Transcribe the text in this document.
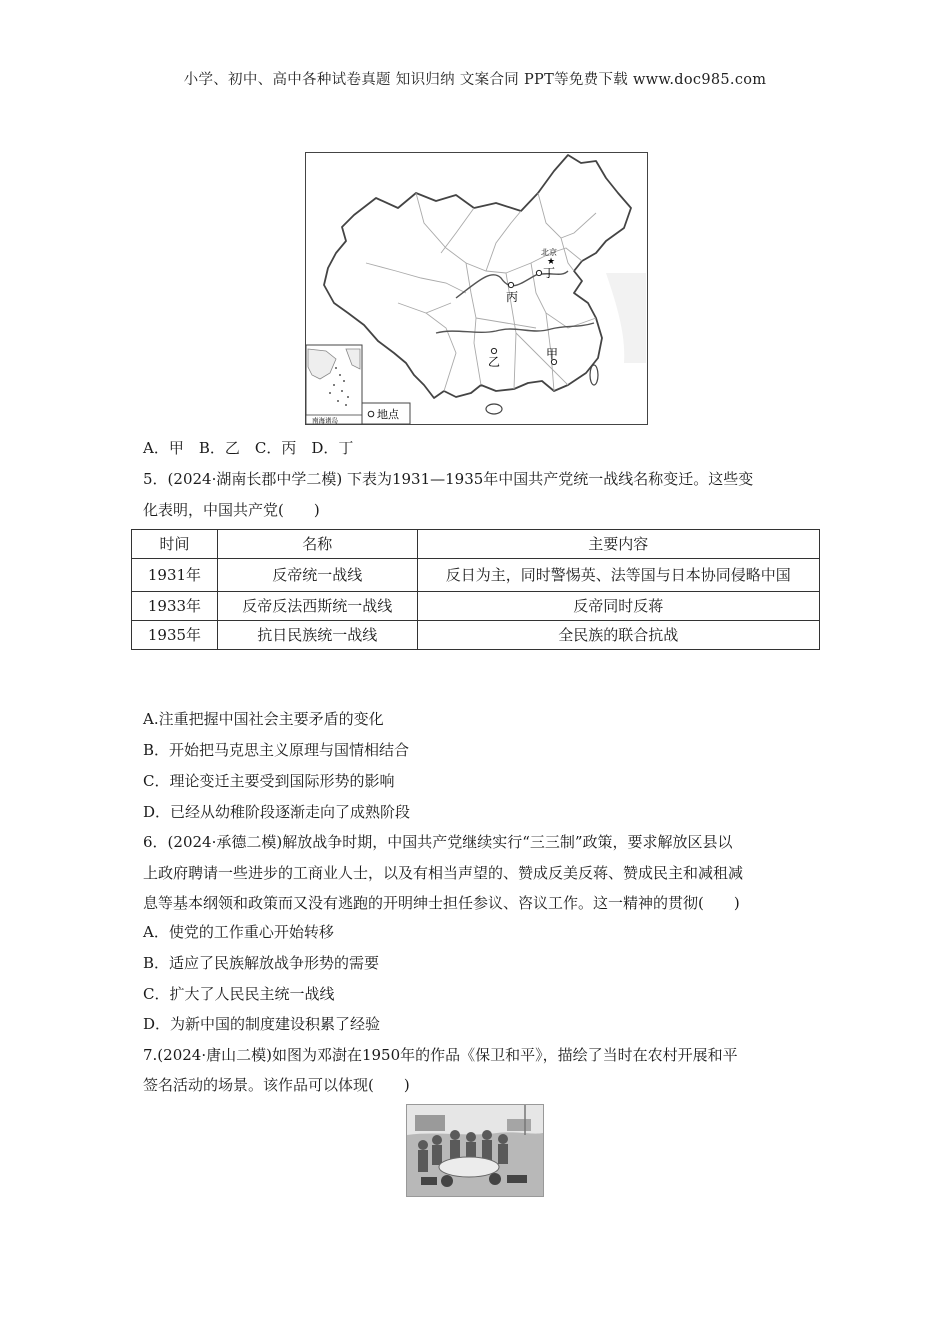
小学、初中、高中各种试卷真题 知识归纳 文案合同 PPT等免费下载 www.doc985.com
北京
★
丁
丙
乙
甲
南海诸岛	地点
A．甲　B．乙　C．丙　D．丁
5．(2024·湖南长郡中学二模) 下表为1931—1935年中国共产党统一战线名称变迁。这些变
化表明，中国共产党(　　)
时间	名称	主要内容
1931年	反帝统一战线	反日为主，同时警惕英、法等国与日本协同侵略中国
1933年	反帝反法西斯统一战线	反帝同时反蒋
1935年	抗日民族统一战线	全民族的联合抗战
A.注重把握中国社会主要矛盾的变化
B．开始把马克思主义原理与国情相结合
C．理论变迁主要受到国际形势的影响
D．已经从幼稚阶段逐渐走向了成熟阶段
6．(2024·承德二模)解放战争时期，中国共产党继续实行“三三制”政策，要求解放区县以
上政府聘请一些进步的工商业人士，以及有相当声望的、赞成反美反蒋、赞成民主和减租减
息等基本纲领和政策而又没有逃跑的开明绅士担任参议、咨议工作。这一精神的贯彻(　　)
A．使党的工作重心开始转移
B．适应了民族解放战争形势的需要
C．扩大了人民民主统一战线
D．为新中国的制度建设积累了经验
7.(2024·唐山二模)如图为邓澍在1950年的作品《保卫和平》，描绘了当时在农村开展和平
签名活动的场景。该作品可以体现(　　)
